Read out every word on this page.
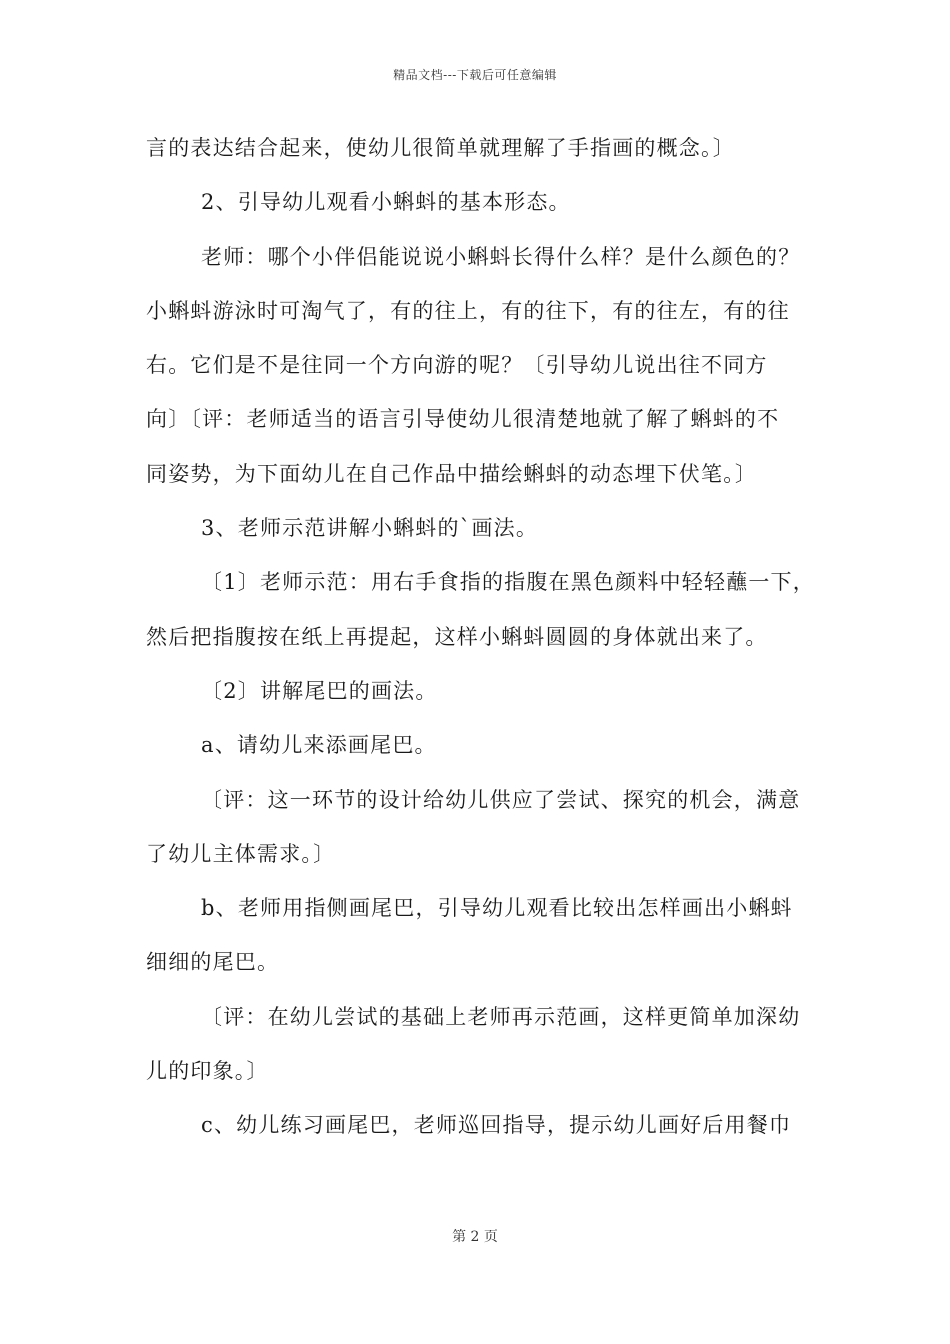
精品文档---下载后可任意编辑
言的表达结合起来，使幼儿很简单就理解了手指画的概念。〕
2、引导幼儿观看小蝌蚪的基本形态。
老师：哪个小伴侣能说说小蝌蚪长得什么样？是什么颜色的？
小蝌蚪游泳时可淘气了，有的往上，有的往下，有的往左，有的往
右。它们是不是往同一个方向游的呢？〔引导幼儿说出往不同方
向〕〔评：老师适当的语言引导使幼儿很清楚地就了解了蝌蚪的不
同姿势，为下面幼儿在自己作品中描绘蝌蚪的动态埋下伏笔。〕
3、老师示范讲解小蝌蚪的`画法。
〔1〕老师示范：用右手食指的指腹在黑色颜料中轻轻蘸一下，
然后把指腹按在纸上再提起，这样小蝌蚪圆圆的身体就出来了。
〔2〕讲解尾巴的画法。
a、请幼儿来添画尾巴。
〔评：这一环节的设计给幼儿供应了尝试、探究的机会，满意
了幼儿主体需求。〕
b、老师用指侧画尾巴，引导幼儿观看比较出怎样画出小蝌蚪
细细的尾巴。
〔评：在幼儿尝试的基础上老师再示范画，这样更简单加深幼
儿的印象。〕
c、幼儿练习画尾巴，老师巡回指导，提示幼儿画好后用餐巾
第 2 页
